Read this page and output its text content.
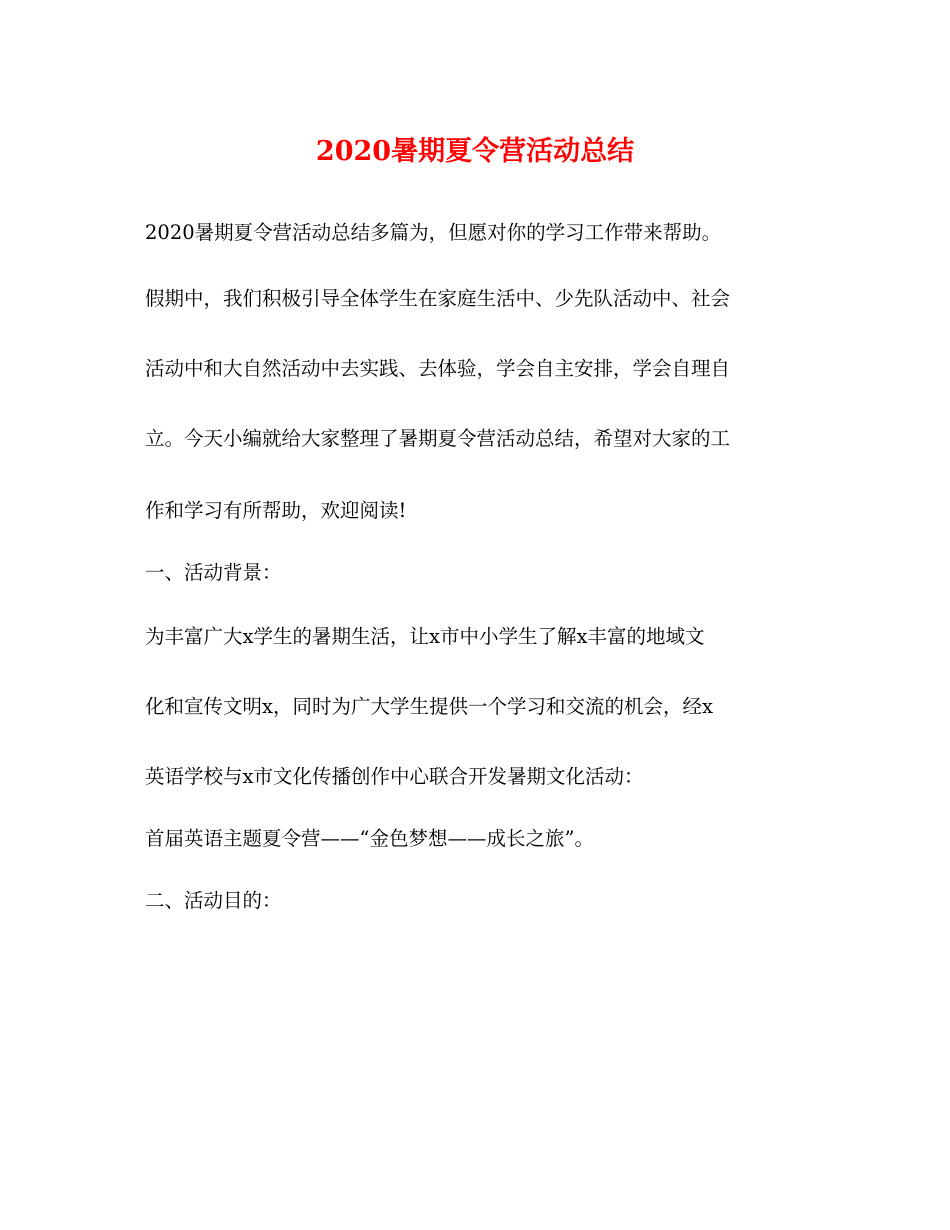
2020暑期夏令营活动总结

2020暑期夏令营活动总结多篇为，但愿对你的学习工作带来帮助。

假期中，我们积极引导全体学生在家庭生活中、少先队活动中、社会

活动中和大自然活动中去实践、去体验，学会自主安排，学会自理自

立。今天小编就给大家整理了暑期夏令营活动总结，希望对大家的工

作和学习有所帮助，欢迎阅读!

一、活动背景：

为丰富广大x学生的暑期生活，让x市中小学生了解x丰富的地域文

化和宣传文明x，同时为广大学生提供一个学习和交流的机会，经x

英语学校与x市文化传播创作中心联合开发暑期文化活动：

首届英语主题夏令营——“金色梦想——成长之旅”。

二、活动目的：
